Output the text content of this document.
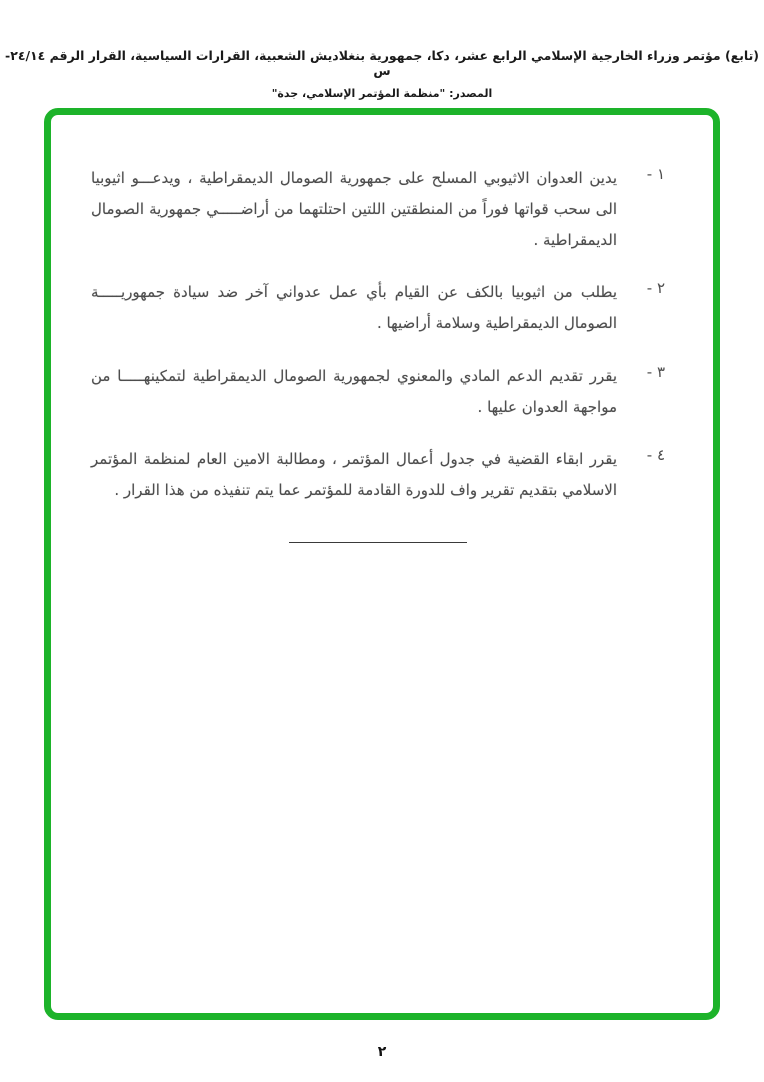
(تابع) مؤتمر وزراء الخارجية الإسلامي الرابع عشر، دكا، جمهورية بنغلاديش الشعبية، القرارات السياسية، القرار الرقم ٢٤/١٤- س
المصدر: "منظمة المؤتمر الإسلامي، جدة"
١ -
يدين العدوان الاثيوبي المسلح على جمهورية الصومال الديمقراطية ، ويدعـــو اثيوبيا الى سحب قواتها فوراً من المنطقتين اللتين احتلتهما من أراضـــــي جمهورية الصومال الديمقراطية .
٢ -
يطلب من اثيوبيا بالكف عن القيام بأي عمل عدواني آخر ضد سيادة جمهوريـــــة الصومال الديمقراطية وسلامة أراضيها .
٣ -
يقرر تقديم الدعم المادي والمعنوي لجمهورية الصومال الديمقراطية لتمكينهـــــا من مواجهة العدوان عليها .
٤ -
يقرر ابقاء القضية في جدول أعمال المؤتمر ، ومطالبة الامين العام لمنظمة المؤتمر الاسلامي بتقديم تقرير واف للدورة القادمة للمؤتمر عما يتم تنفيذه من هذا القرار .
٢
